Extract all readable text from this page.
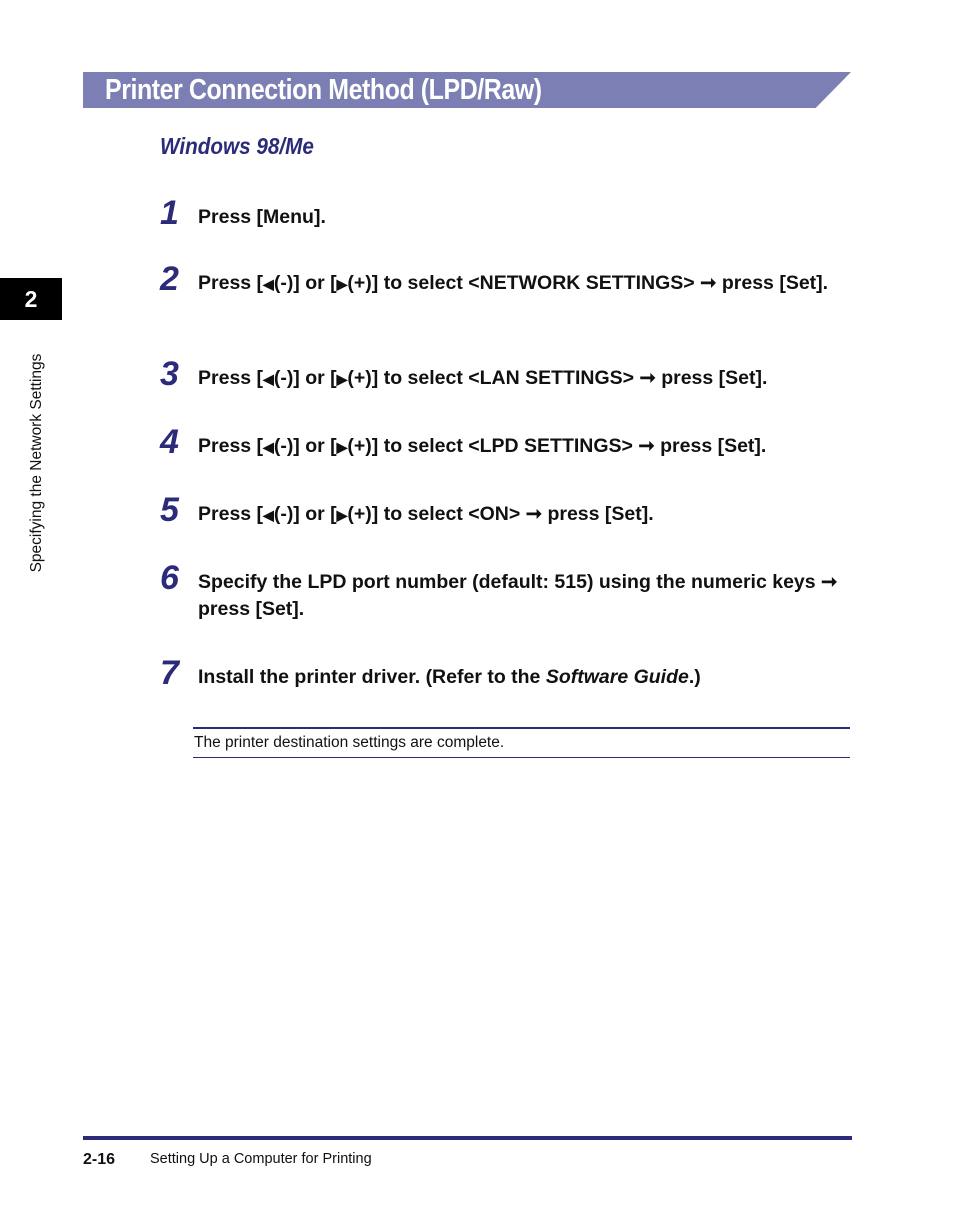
Printer Connection Method (LPD/Raw)
Windows 98/Me
2
Specifying the Network Settings
1 Press [Menu].
2 Press [◀(-)] or [▶(+)] to select <NETWORK SETTINGS> ➞ press [Set].
3 Press [◀(-)] or [▶(+)] to select <LAN SETTINGS> ➞ press [Set].
4 Press [◀(-)] or [▶(+)] to select <LPD SETTINGS> ➞ press [Set].
5 Press [◀(-)] or [▶(+)] to select <ON> ➞ press [Set].
6 Specify the LPD port number (default: 515) using the numeric keys ➞ press [Set].
7 Install the printer driver. (Refer to the Software Guide.)
The printer destination settings are complete.
2-16 Setting Up a Computer for Printing
